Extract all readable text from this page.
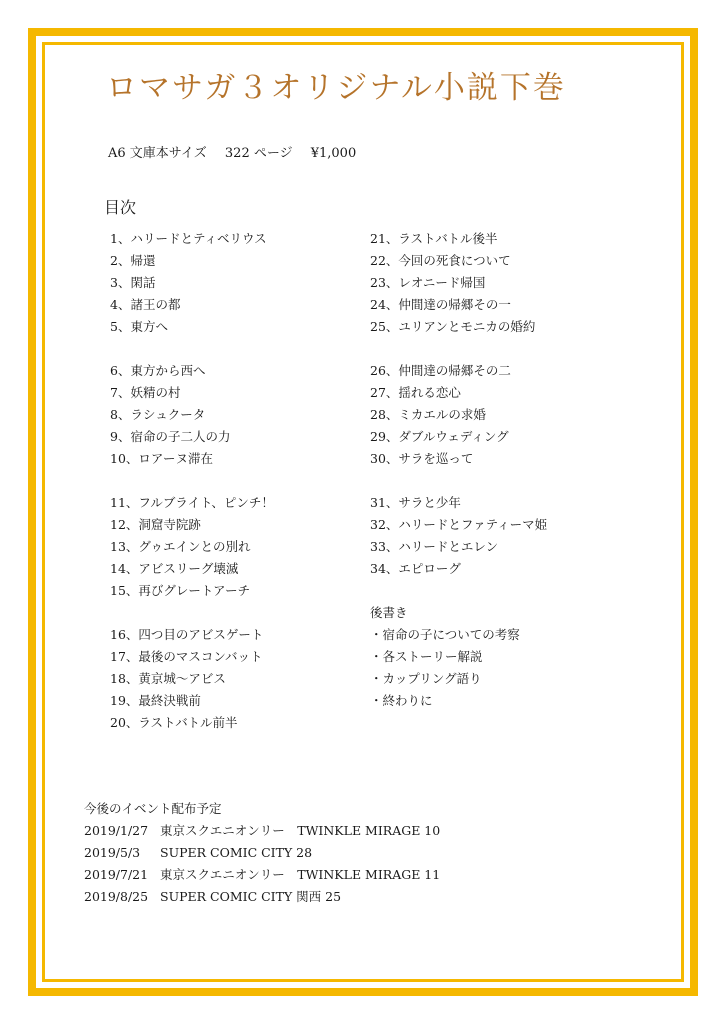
ロマサガ３オリジナル小説下巻
A6 文庫本サイズ 322 ページ ¥1,000
目次
1、ハリードとティベリウス
2、帰還
3、閑話
4、諸王の都
5、東方へ
6、東方から西へ
7、妖精の村
8、ラシュクータ
9、宿命の子二人の力
10、ロアーヌ滞在
11、フルブライト、ピンチ！
12、洞窟寺院跡
13、グゥエインとの別れ
14、アビスリーグ壊滅
15、再びグレートアーチ
16、四つ目のアビスゲート
17、最後のマスコンバット
18、黄京城～アビス
19、最終決戦前
20、ラストバトル前半
21、ラストバトル後半
22、今回の死食について
23、レオニード帰国
24、仲間達の帰郷その一
25、ユリアンとモニカの婚約
26、仲間達の帰郷その二
27、揺れる恋心
28、ミカエルの求婚
29、ダブルウェディング
30、サラを巡って
31、サラと少年
32、ハリードとファティーマ姫
33、ハリードとエレン
34、エピローグ
後書き
・宿命の子についての考察
・各ストーリー解説
・カップリング語り
・終わりに
今後のイベント配布予定
2019/1/27 東京スクエニオンリー　TWINKLE MIRAGE 10
2019/5/3	SUPER COMIC CITY 28
2019/7/21 東京スクエニオンリー　TWINKLE MIRAGE 11
2019/8/25 SUPER COMIC CITY 関西 25
